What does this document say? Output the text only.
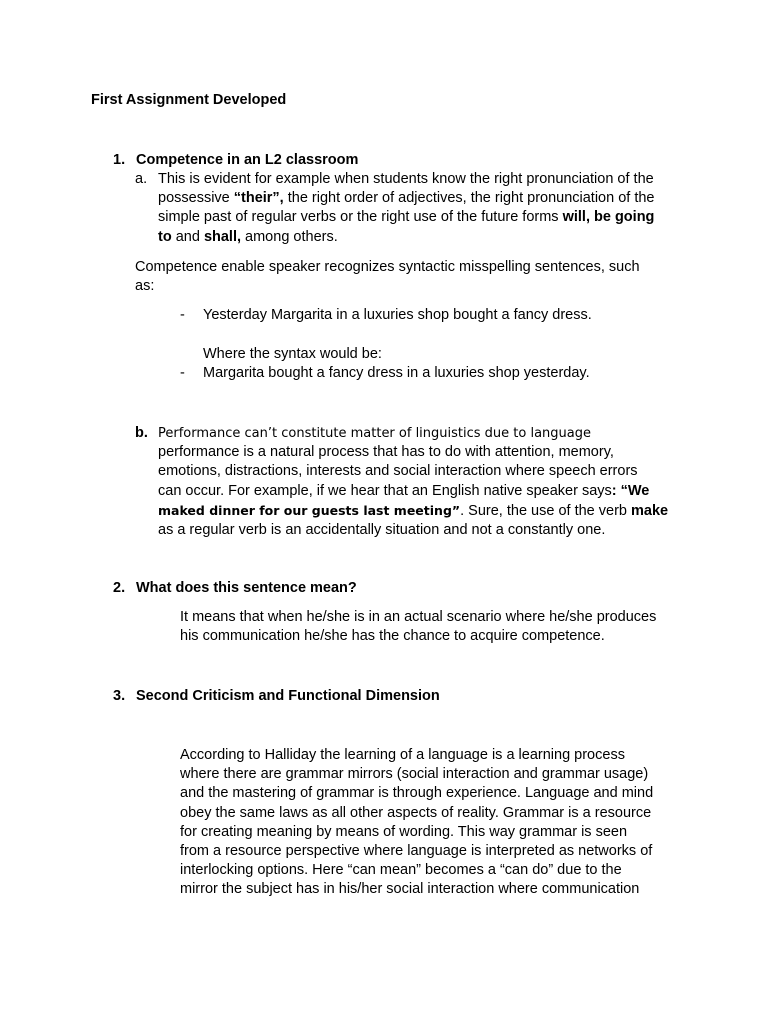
First Assignment Developed
1. Competence in an L2 classroom
a. This is evident for example when students know the right pronunciation of the
possessive “their”, the right order of adjectives, the right pronunciation of the
simple past of regular verbs or the right use of the future forms will, be going
to and shall, among others.
Competence enable speaker recognizes syntactic misspelling sentences, such
as:
- Yesterday Margarita in a luxuries shop bought a fancy dress.
Where the syntax would be:
- Margarita bought a fancy dress in a luxuries shop yesterday.
b. Performance can’t constitute matter of linguistics due to language
performance is a natural process that has to do with attention, memory,
emotions, distractions, interests and social interaction where speech errors
can occur. For example, if we hear that an English native speaker says: “We
maked dinner for our guests last meeting”. Sure, the use of the verb make
as a regular verb is an accidentally situation and not a constantly one.
2. What does this sentence mean?
It means that when he/she is in an actual scenario where he/she produces
his communication he/she has the chance to acquire competence.
3. Second Criticism and Functional Dimension
According to Halliday the learning of a language is a learning process
where there are grammar mirrors (social interaction and grammar usage)
and the mastering of grammar is through experience. Language and mind
obey the same laws as all other aspects of reality. Grammar is a resource
for creating meaning by means of wording. This way grammar is seen
from a resource perspective where language is interpreted as networks of
interlocking options. Here “can mean” becomes a “can do” due to the
mirror the subject has in his/her social interaction where communication
